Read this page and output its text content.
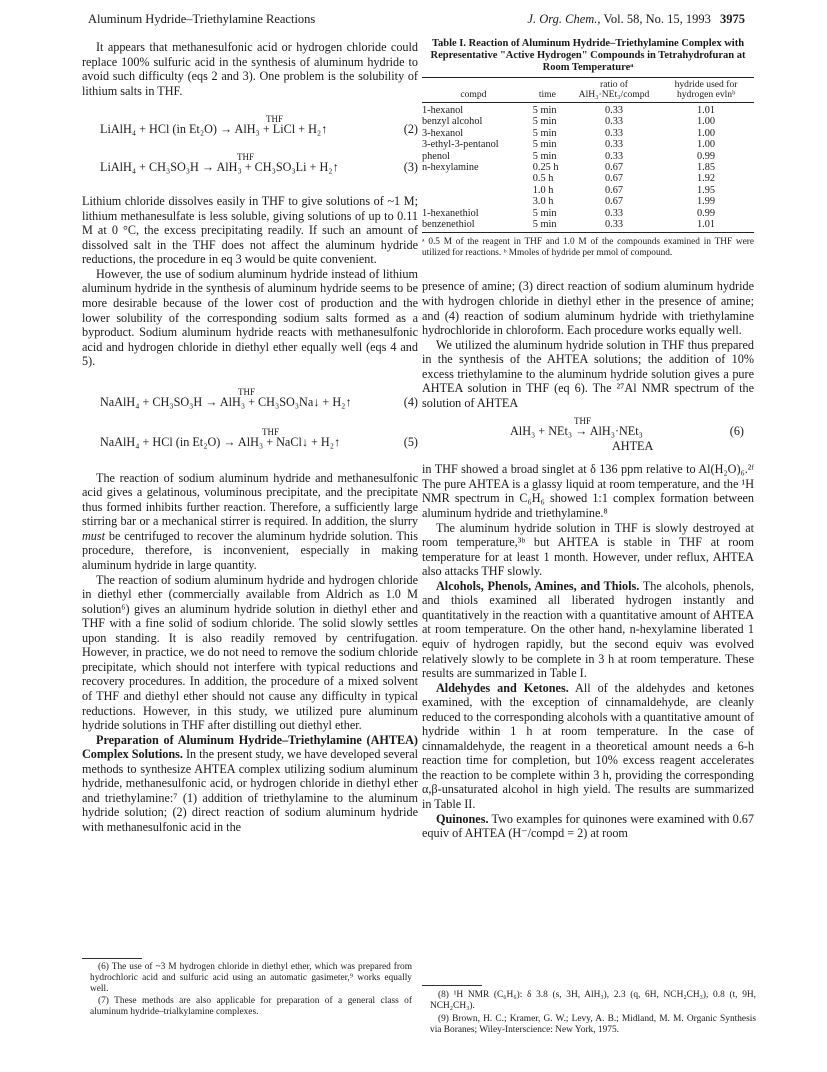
Aluminum Hydride–Triethylamine Reactions	J. Org. Chem., Vol. 58, No. 15, 1993 3975

It appears that methanesulfonic acid or hydrogen chloride could replace 100% sulfuric acid in the synthesis of aluminum hydride to avoid such difficulty (eqs 2 and 3). One problem is the solubility of lithium salts in THF.

THF
LiAlH₄ + HCl (in Et₂O) → AlH₃ + LiCl + H₂↑	(2)
THF
LiAlH₄ + CH₃SO₃H → AlH₃ + CH₃SO₃Li + H₂↑	(3)

Lithium chloride dissolves easily in THF to give solutions of ~1 M; lithium methanesulfate is less soluble, giving solutions of up to 0.11 M at 0 °C, the excess precipitating readily. If such an amount of dissolved salt in the THF does not affect the aluminum hydride reductions, the procedure in eq 3 would be quite convenient.

However, the use of sodium aluminum hydride instead of lithium aluminum hydride in the synthesis of aluminum hydride seems to be more desirable because of the lower cost of production and the lower solubility of the corresponding sodium salts formed as a byproduct. Sodium aluminum hydride reacts with methanesulfonic acid and hydrogen chloride in diethyl ether equally well (eqs 4 and 5).

THF
NaAlH₄ + CH₃SO₃H → AlH₃ + CH₃SO₃Na↓ + H₂↑	(4)
THF
NaAlH₄ + HCl (in Et₂O) → AlH₃ + NaCl↓ + H₂↑	(5)

The reaction of sodium aluminum hydride and methanesulfonic acid gives a gelatinous, voluminous precipitate, and the precipitate thus formed inhibits further reaction. Therefore, a sufficiently large stirring bar or a mechanical stirrer is required. In addition, the slurry must be centrifuged to recover the aluminum hydride solution. This procedure, therefore, is inconvenient, especially in making aluminum hydride in large quantity.

The reaction of sodium aluminum hydride and hydrogen chloride in diethyl ether (commercially available from Aldrich as 1.0 M solution⁶) gives an aluminum hydride solution in diethyl ether and THF with a fine solid of sodium chloride. The solid slowly settles upon standing. It is also readily removed by centrifugation. However, in practice, we do not need to remove the sodium chloride precipitate, which should not interfere with typical reductions and recovery procedures. In addition, the procedure of a mixed solvent of THF and diethyl ether should not cause any difficulty in typical reductions. However, in this study, we utilized pure aluminum hydride solutions in THF after distilling out diethyl ether.

Preparation of Aluminum Hydride–Triethylamine (AHTEA) Complex Solutions. In the present study, we have developed several methods to synthesize AHTEA complex utilizing sodium aluminum hydride, methanesulfonic acid, or hydrogen chloride in diethyl ether and triethylamine:⁷ (1) addition of triethylamine to the aluminum hydride solution; (2) direct reaction of sodium aluminum hydride with methanesulfonic acid in the

(6) The use of ~3 M hydrogen chloride in diethyl ether, which was prepared from hydrochloric acid and sulfuric acid using an automatic gasimeter,⁹ works equally well.
(7) These methods are also applicable for preparation of a general class of aluminum hydride–trialkylamine complexes.
Table I. Reaction of Aluminum Hydride–Triethylamine Complex with Representative "Active Hydrogen" Compounds in Tetrahydrofuran at Room Temperatureᵃ
compd	time	ratio of AlH₃·NEt₃/compd	hydride used for hydrogen evlnᵇ
1-hexanol	5 min	0.33	1.01
benzyl alcohol	5 min	0.33	1.00
3-hexanol	5 min	0.33	1.00
3-ethyl-3-pentanol	5 min	0.33	1.00
phenol	5 min	0.33	0.99
n-hexylamine	0.25 h	0.67	1.85
	0.5 h	0.67	1.92
	1.0 h	0.67	1.95
	3.0 h	0.67	1.99
1-hexanethiol	5 min	0.33	0.99
benzenethiol	5 min	0.33	1.01
ᵃ 0.5 M of the reagent in THF and 1.0 M of the compounds examined in THF were utilized for reactions. ᵇ Mmoles of hydride per mmol of compound.

presence of amine; (3) direct reaction of sodium aluminum hydride with hydrogen chloride in diethyl ether in the presence of amine; and (4) reaction of sodium aluminum hydride with triethylamine hydrochloride in chloroform. Each procedure works equally well.

We utilized the aluminum hydride solution in THF thus prepared in the synthesis of the AHTEA solutions; the addition of 10% excess triethylamine to the aluminum hydride solution gives a pure AHTEA solution in THF (eq 6). The ²⁷Al NMR spectrum of the solution of AHTEA

THF
AlH₃ + NEt₃ → AlH₃·NEt₃
AHTEA
(6)

in THF showed a broad singlet at δ 136 ppm relative to Al(H₂O)₆.²ᶠ The pure AHTEA is a glassy liquid at room temperature, and the ¹H NMR spectrum in C₆H₆ showed 1:1 complex formation between aluminum hydride and triethylamine.⁸

The aluminum hydride solution in THF is slowly destroyed at room temperature,³ᵇ but AHTEA is stable in THF at room temperature for at least 1 month. However, under reflux, AHTEA also attacks THF slowly.

Alcohols, Phenols, Amines, and Thiols. The alcohols, phenols, and thiols examined all liberated hydrogen instantly and quantitatively in the reaction with a quantitative amount of AHTEA at room temperature. On the other hand, n-hexylamine liberated 1 equiv of hydrogen rapidly, but the second equiv was evolved relatively slowly to be complete in 3 h at room temperature. These results are summarized in Table I.

Aldehydes and Ketones. All of the aldehydes and ketones examined, with the exception of cinnamaldehyde, are cleanly reduced to the corresponding alcohols with a quantitative amount of hydride within 1 h at room temperature. In the case of cinnamaldehyde, the reagent in a theoretical amount needs a 6-h reaction time for completion, but 10% excess reagent accelerates the reaction to be complete within 3 h, providing the corresponding α,β-unsaturated alcohol in high yield. The results are summarized in Table II.

Quinones. Two examples for quinones were examined with 0.67 equiv of AHTEA (H⁻/compd = 2) at room

(8) ¹H NMR (C₆H₆): δ 3.8 (s, 3H, AlH₃), 2.3 (q, 6H, NCH₂CH₃), 0.8 (t, 9H, NCH₂CH₃).
(9) Brown, H. C.; Kramer, G. W.; Levy, A. B.; Midland, M. M. Organic Synthesis via Boranes; Wiley-Interscience: New York, 1975.
